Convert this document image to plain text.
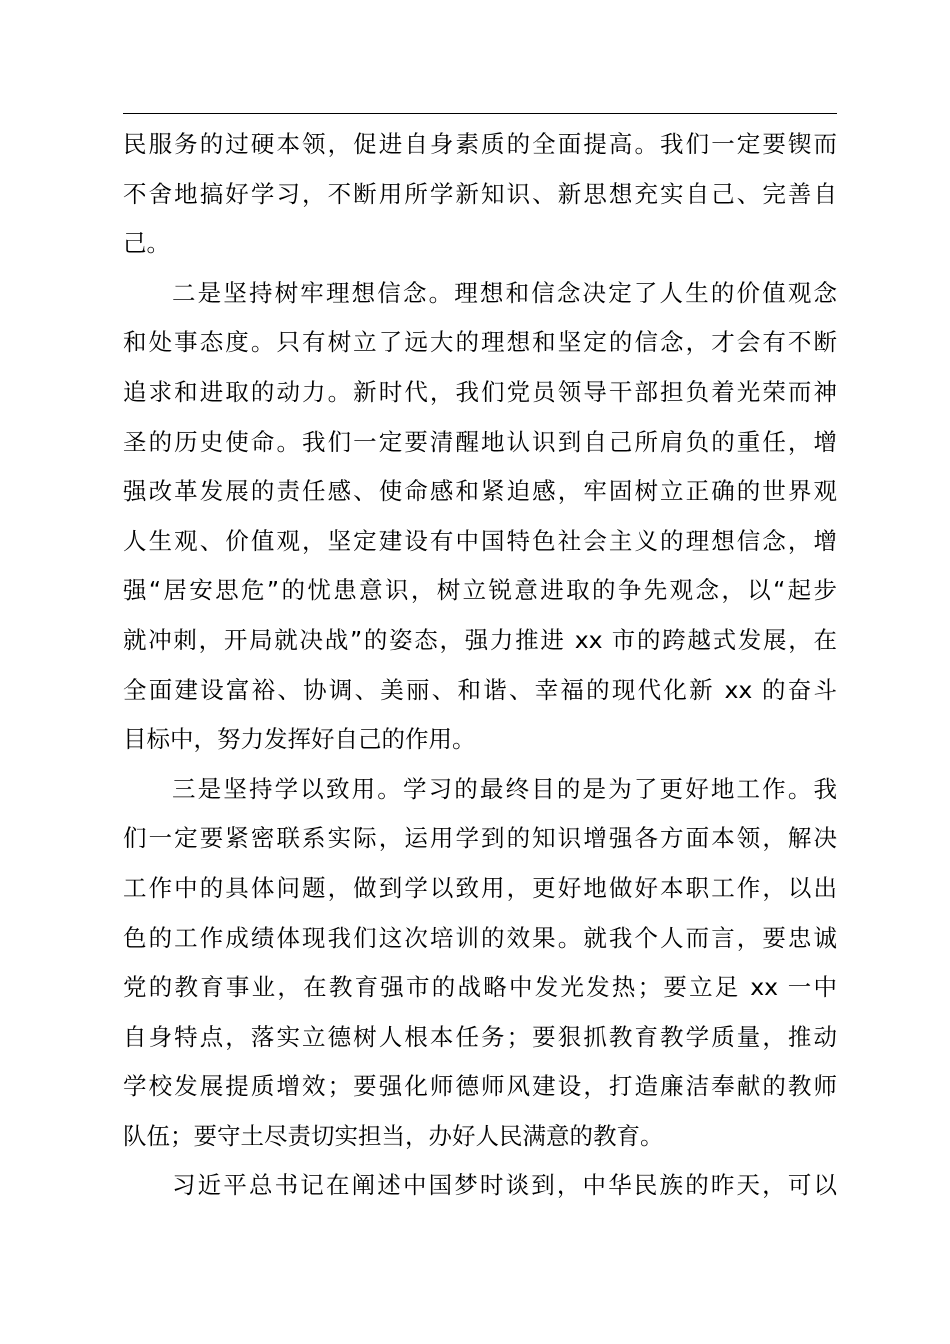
民服务的过硬本领，促进自身素质的全面提高。我们一定要锲而
不舍地搞好学习，不断用所学新知识、新思想充实自己、完善自
己。
二是坚持树牢理想信念。理想和信念决定了人生的价值观念
和处事态度。只有树立了远大的理想和坚定的信念，才会有不断
追求和进取的动力。新时代，我们党员领导干部担负着光荣而神
圣的历史使命。我们一定要清醒地认识到自己所肩负的重任，增
强改革发展的责任感、使命感和紧迫感，牢固树立正确的世界观
人生观、价值观，坚定建设有中国特色社会主义的理想信念，增
强“居安思危”的忧患意识，树立锐意进取的争先观念，以“起步
就冲刺，开局就决战”的姿态，强力推进 xx 市的跨越式发展，在
全面建设富裕、协调、美丽、和谐、幸福的现代化新 xx 的奋斗
目标中，努力发挥好自己的作用。
三是坚持学以致用。学习的最终目的是为了更好地工作。我
们一定要紧密联系实际，运用学到的知识增强各方面本领，解决
工作中的具体问题，做到学以致用，更好地做好本职工作，以出
色的工作成绩体现我们这次培训的效果。就我个人而言，要忠诚
党的教育事业，在教育强市的战略中发光发热；要立足 xx 一中
自身特点，落实立德树人根本任务；要狠抓教育教学质量，推动
学校发展提质增效；要强化师德师风建设，打造廉洁奉献的教师
队伍；要守土尽责切实担当，办好人民满意的教育。
习近平总书记在阐述中国梦时谈到，中华民族的昨天，可以
